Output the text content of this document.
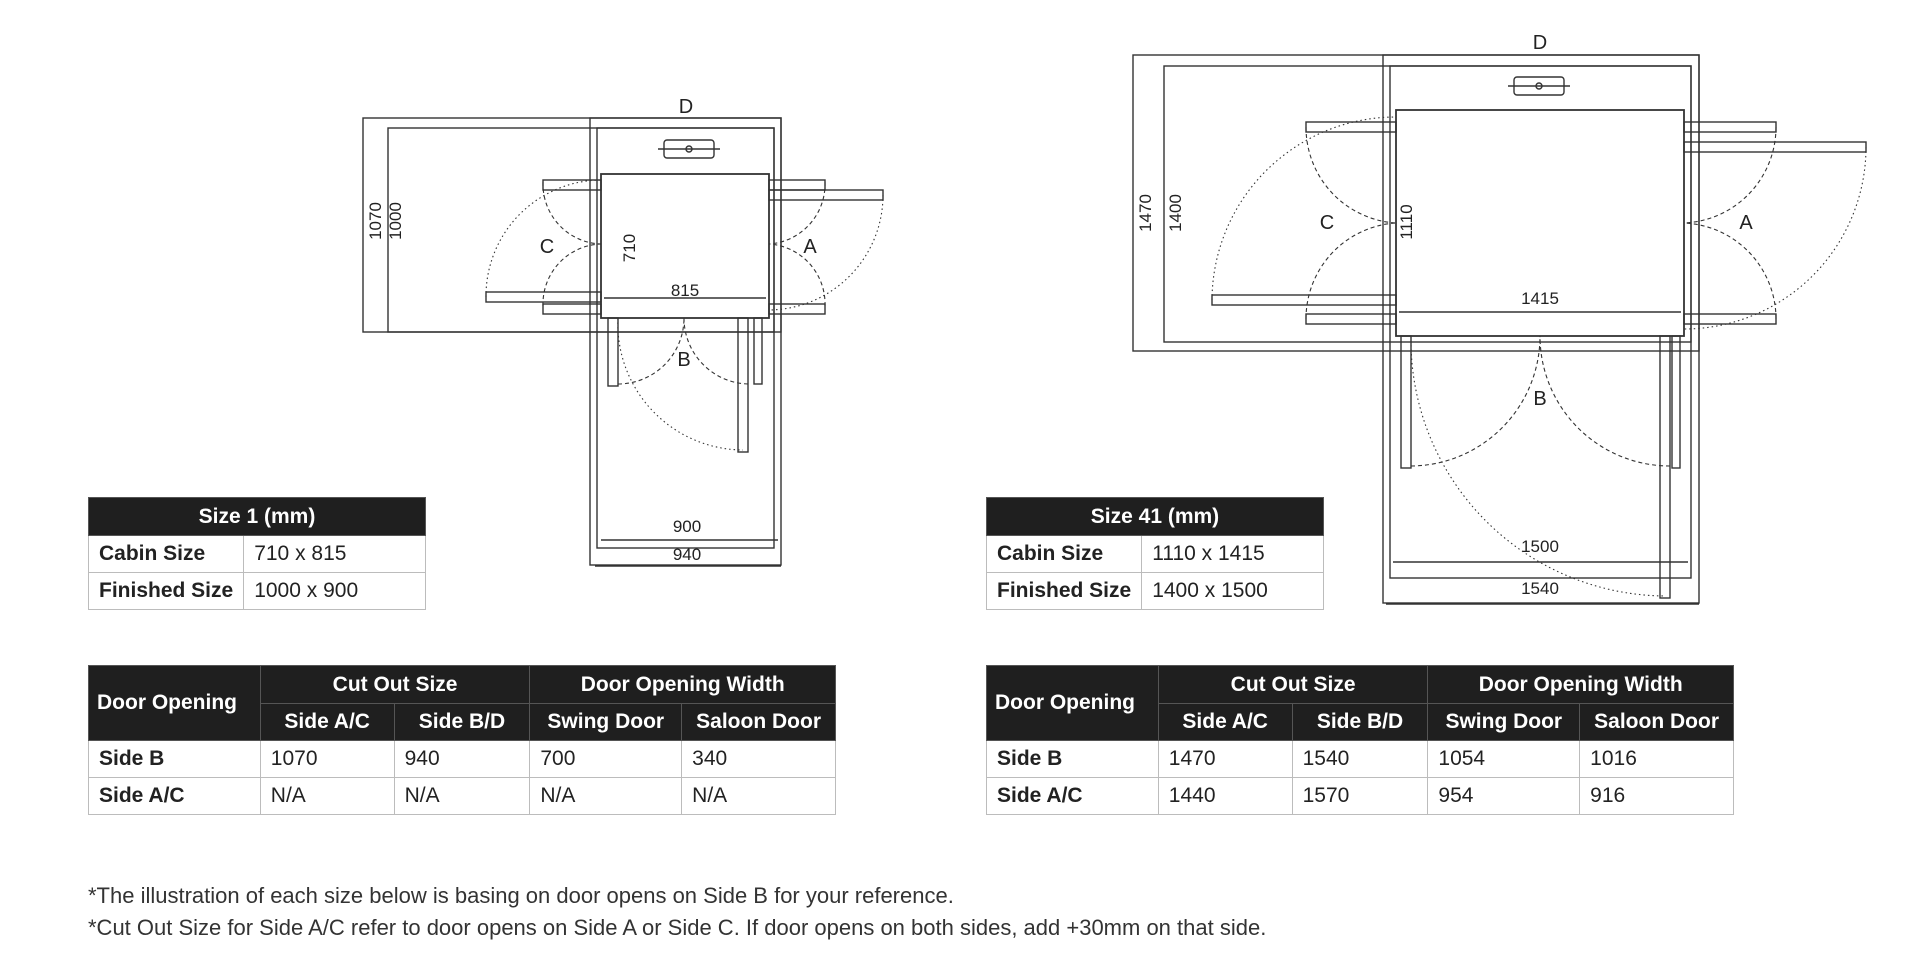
D
A
B
C
1070 1000
710
815
900
940
D
A
B
C
1470 1400	1110
1415
1500
1540
Size 1 (mm)	
Cabin Size	710 x 815
Finished Size	1000 x 900
Size 41 (mm)	
Cabin Size	1110 x 1415
Finished Size	1400 x 1500
Door Opening	Cut Out Size		Door Opening Width	
	Side A/C	Side B/D	Swing Door	Saloon Door
Side B	1070	940	700	340
Side A/C	N/A	N/A	N/A	N/A
Door Opening	Cut Out Size		Door Opening Width	
	Side A/C	Side B/D	Swing Door	Saloon Door
Side B	1470	1540	1054	1016
Side A/C	1440	1570	954	916
*The illustration of each size below is basing on door opens on Side B for your reference.
*Cut Out Size for Side A/C refer to door opens on Side A or Side C. If door opens on both sides, add +30mm on that side.
